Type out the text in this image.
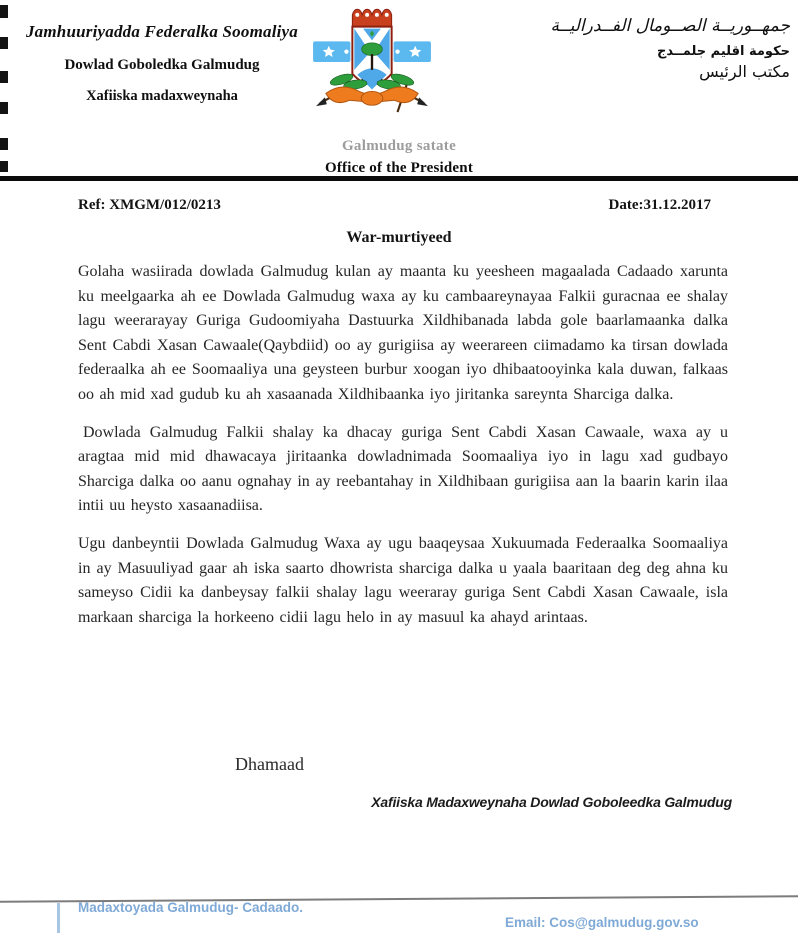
Jamhuuriyadda Federalka Soomaliya
Dowlad Goboledka Galmudug
Xafiiska madaxweynaha
جمهــوريــة الصــومال الفــدراليــة
حكومة اقليم جلمــدج
مكتب الرئيس
Galmudug satate
Office of the President
Ref: XMGM/012/0213	Date:31.12.2017
War-murtiyeed

Golaha wasiirada dowlada Galmudug kulan ay maanta ku yeesheen magaalada Cadaado xarunta ku meelgaarka ah ee Dowlada Galmudug waxa ay ku cambaareynayaa Falkii guracnaa ee shalay lagu weerarayay Guriga Gudoomiyaha Dastuurka Xildhibanada labda gole baarlamaanka dalka Sent Cabdi Xasan Cawaale(Qaybdiid) oo ay gurigiisa ay weerareen ciimadamo ka tirsan dowlada federaalka ah ee Soomaaliya una geysteen burbur xoogan iyo dhibaatooyinka kala duwan, falkaas oo ah mid xad gudub ku ah xasaanada Xildhibaanka iyo jiritanka sareynta Sharciga dalka.

Dowlada Galmudug Falkii shalay ka dhacay guriga Sent Cabdi Xasan Cawaale, waxa ay u aragtaa mid mid dhawacaya jiritaanka dowladnimada Soomaaliya iyo in lagu xad gudbayo Sharciga dalka oo aanu ognahay in ay reebantahay in Xildhibaan gurigiisa aan la baarin karin ilaa intii uu heysto xasaanadiisa.

Ugu danbeyntii Dowlada Galmudug Waxa ay ugu baaqeysaa Xukuumada Federaalka Soomaaliya in ay Masuuliyad gaar ah iska saarto dhowrista sharciga dalka u yaala baaritaan deg deg ahna ku sameyso Cidii ka danbeysay falkii shalay lagu weeraray guriga Sent Cabdi Xasan Cawaale, isla markaan sharciga la horkeeno cidii lagu helo in ay masuul ka ahayd arintaas.

Dhamaad
Xafiiska Madaxweynaha Dowlad Goboleedka Galmudug
Madaxtoyada Galmudug- Cadaado.
Email: Cos@galmudug.gov.so
